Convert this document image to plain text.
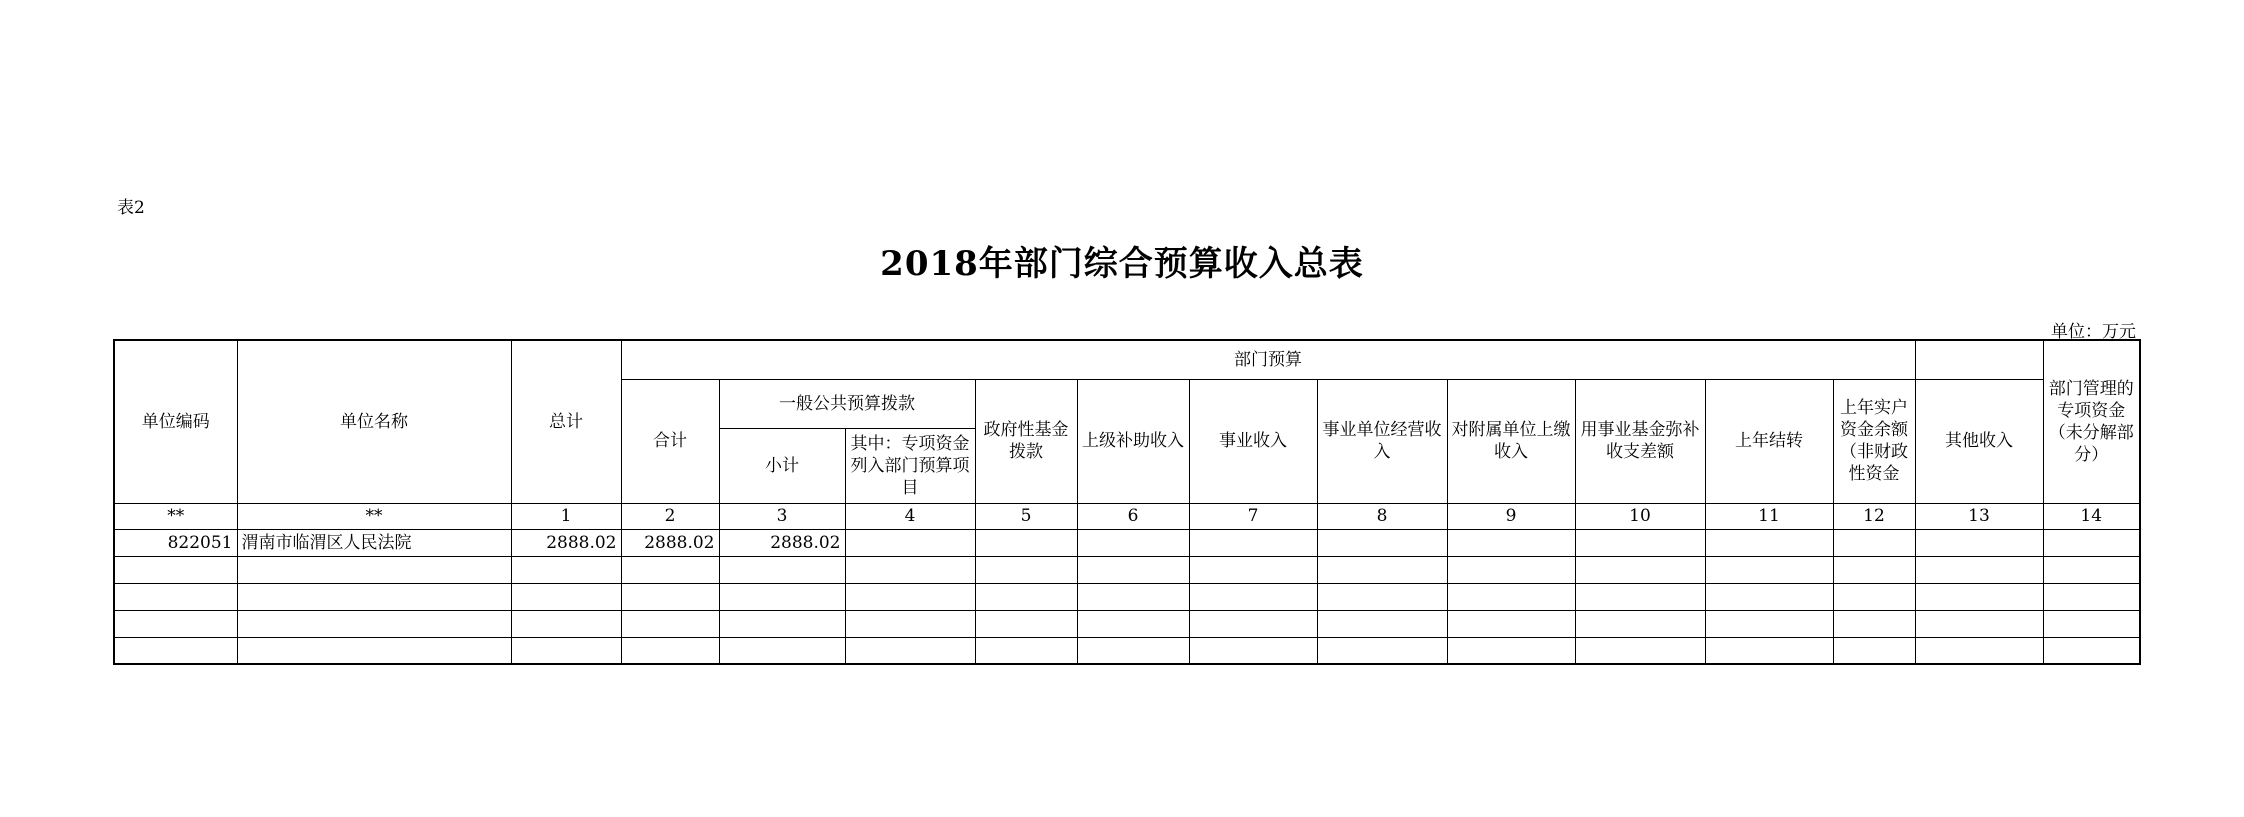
表2
2018年部门综合预算收入总表
单位：万元
单位编码	单位名称	总计	部门预算												部门管理的专项资金（未分解部分）
			合计	一般公共预算拨款		政府性基金拨款	上级补助收入	事业收入	事业单位经营收入	对附属单位上缴收入	用事业基金弥补收支差额	上年结转	上年实户资金余额（非财政性资金	其他收入	
				小计	其中：专项资金列入部门预算项目										
**	**	1	2	3	4	5	6	7	8	9	10	11	12	13	14
822051	渭南市临渭区人民法院	2888.02	2888.02	2888.02											
